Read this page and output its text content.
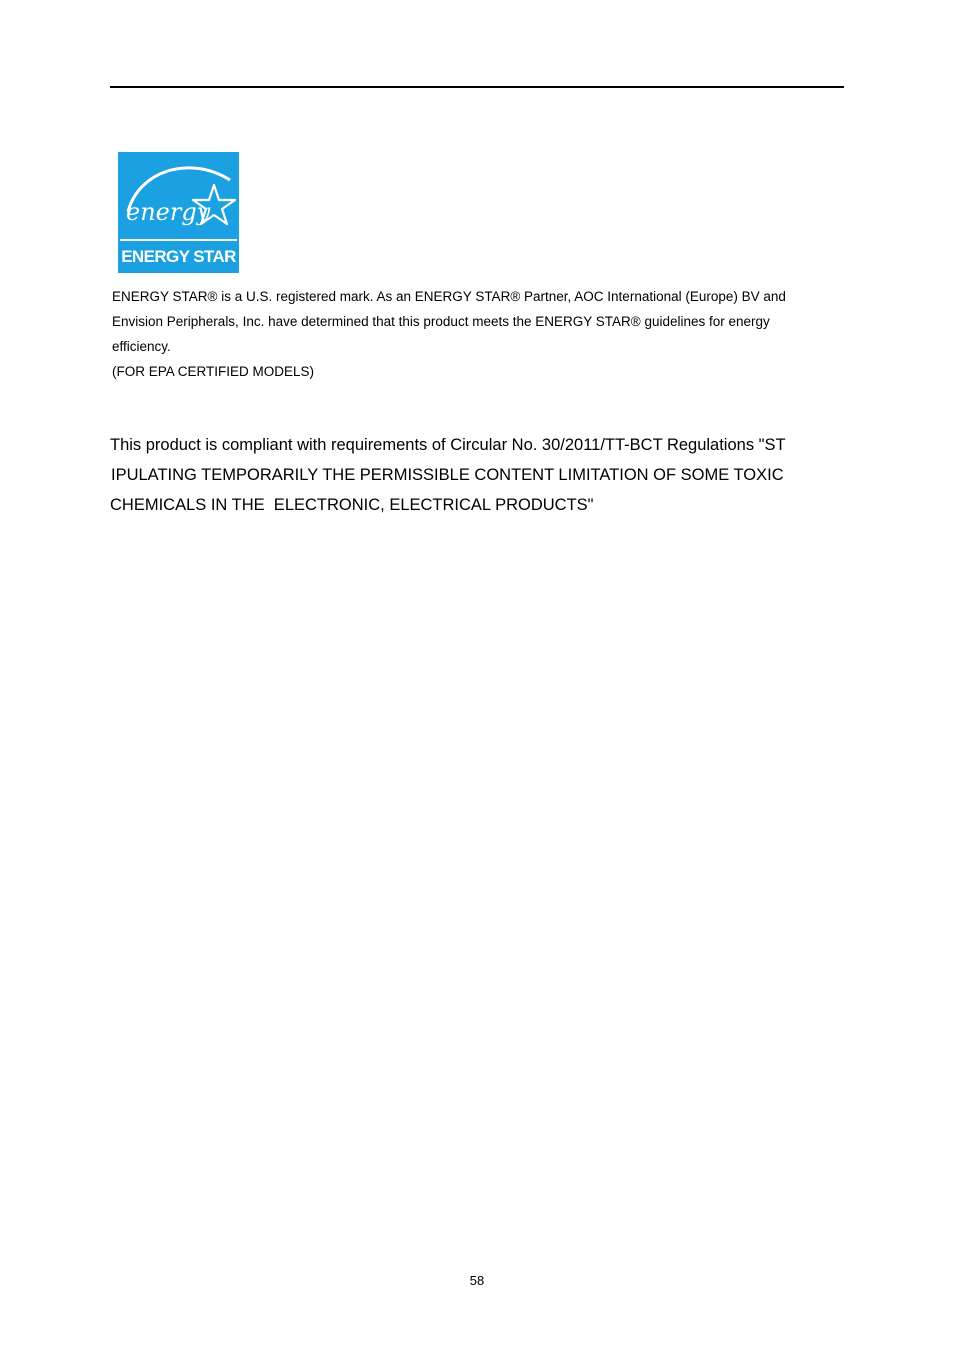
energy
ENERGY STAR

ENERGY STAR® is a U.S. registered mark. As an ENERGY STAR® Partner, AOC International (Europe) BV and

Envision Peripherals, Inc. have determined that this product meets the ENERGY STAR® guidelines for energy

efficiency.

(FOR EPA CERTIFIED MODELS)

This product is compliant with requirements of Circular No. 30/2011/TT-BCT Regulations "ST
IPULATING TEMPORARILY THE PERMISSIBLE CONTENT LIMITATION OF SOME TOXIC
CHEMICALS IN THE  ELECTRONIC, ELECTRICAL PRODUCTS"
58
